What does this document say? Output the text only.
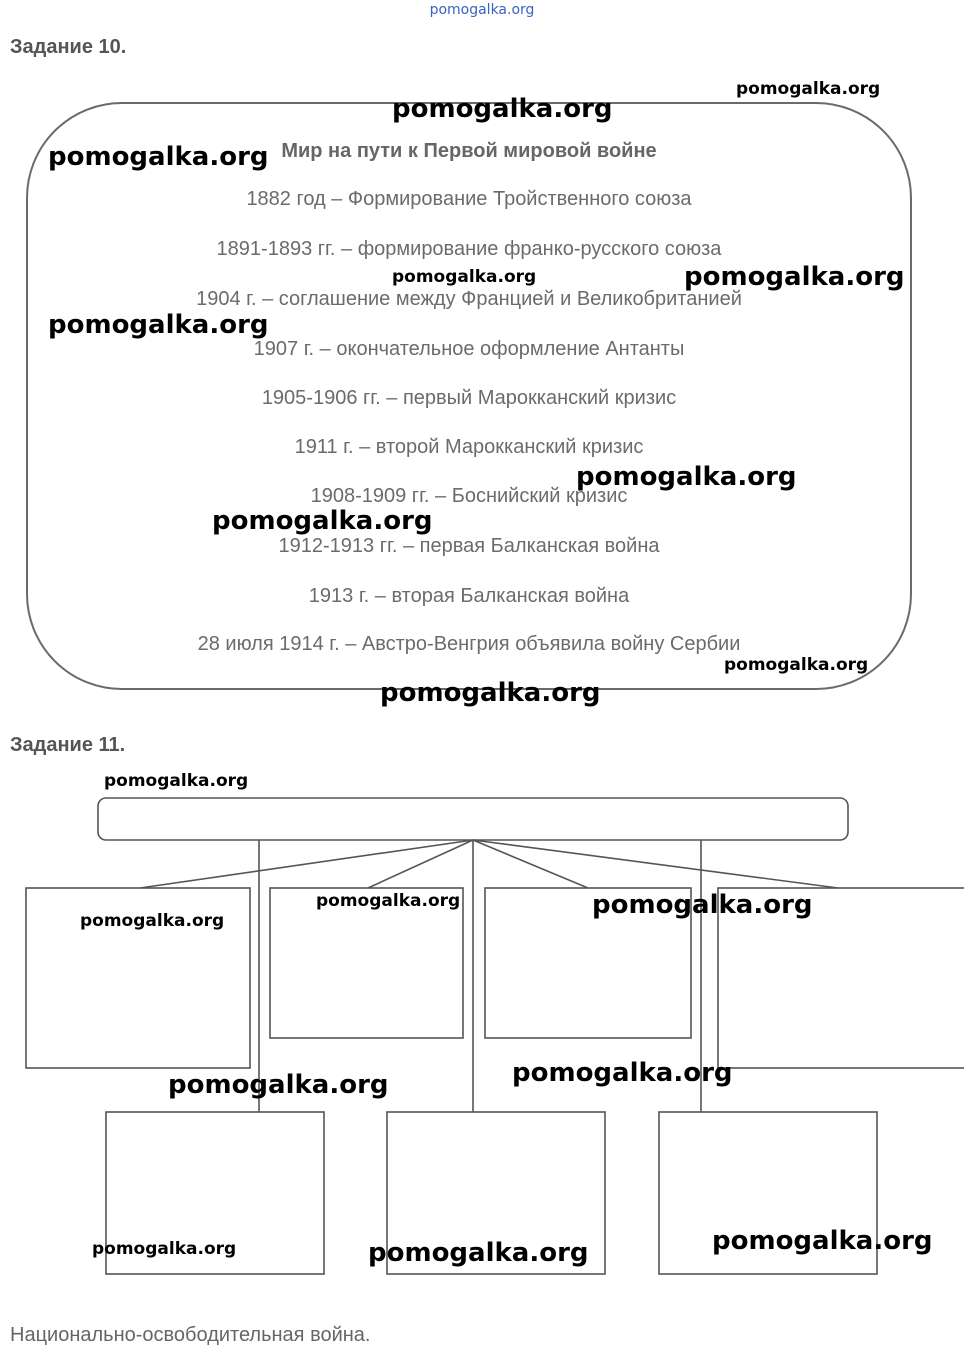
pomogalka.org
Задание 10.
Мир на пути к Первой мировой войне
1882 год – Формирование Тройственного союза
1891-1893 гг. – формирование франко-русского союза
1904 г. – соглашение между Францией и Великобританией
1907 г. – окончательное оформление Антанты
1905-1906 гг. – первый Марокканский кризис
1911 г. – второй Марокканский кризис
1908-1909 гг. – Боснийский кризис
1912-1913 гг. – первая Балканская война
1913 г. – вторая Балканская война
28 июля 1914 г. – Австро-Венгрия объявила войну Сербии
Задание 11.
Национально-освободительная война.
pomogalka.org
pomogalka.org
pomogalka.org
pomogalka.org	pomogalka.org
pomogalka.org
pomogalka.org
pomogalka.org
pomogalka.org
pomogalka.org
pomogalka.org
pomogalka.org	pomogalka.org
pomogalka.org
pomogalka.org
pomogalka.org
pomogalka.org
pomogalka.org	pomogalka.org
